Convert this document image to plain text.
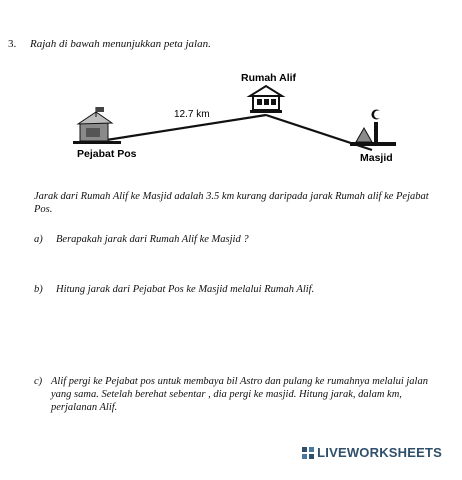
3. Rajah di bawah menunjukkan peta jalan.
Rumah Alif
12.7 km
Pejabat Pos	Masjid
Jarak dari Rumah Alif ke Masjid adalah 3.5 km kurang daripada jarak Rumah alif ke Pejabat Pos.
a) Berapakah jarak dari Rumah Alif ke Masjid ?
b) Hitung jarak dari Pejabat Pos ke Masjid melalui Rumah Alif.
c) Alif pergi ke Pejabat pos untuk membaya bil Astro dan pulang ke rumahnya melalui jalan yang sama. Setelah berehat sebentar , dia pergi ke masjid. Hitung jarak, dalam km, perjalanan Alif.
LIVEWORKSHEETS
